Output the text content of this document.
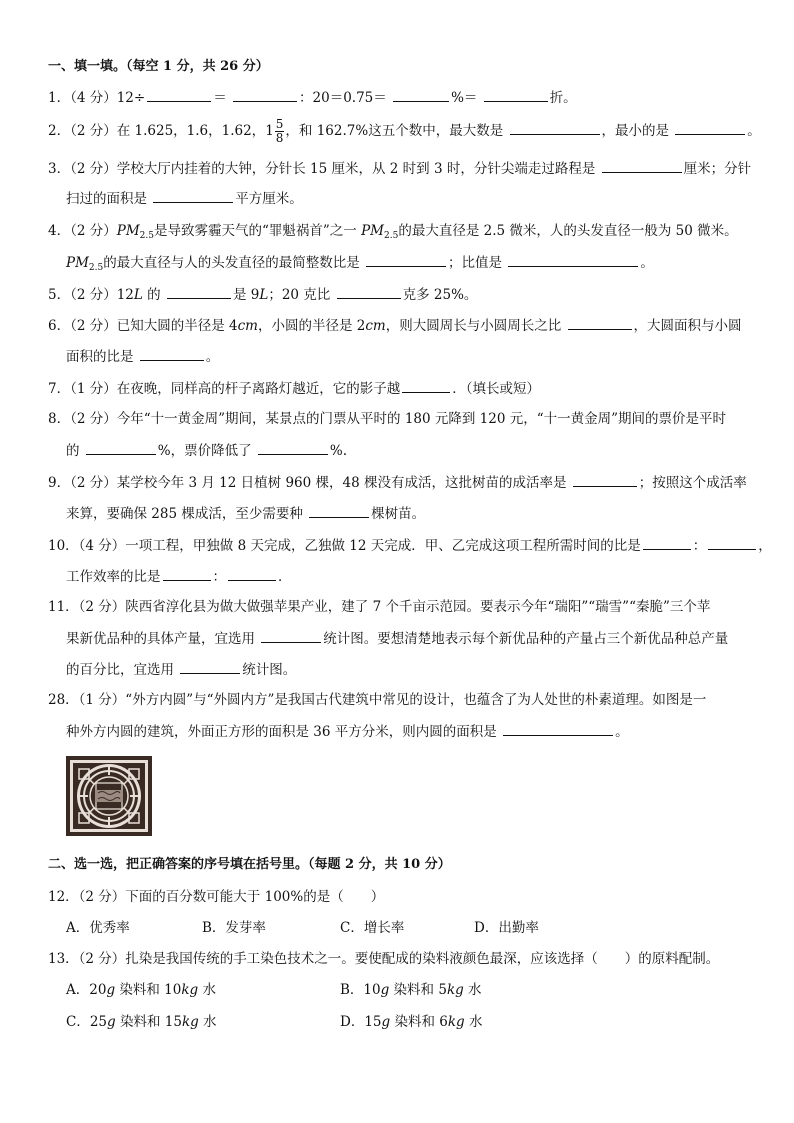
一、填一填。（每空 1 分，共 26 分）
1．（4 分）12÷	＝	：20＝0.75＝	%＝	折。
2．（2 分）在 1.625，1.6，1.62，$1 \frac{5}{8}$ ，和 162.7%这五个数中，最大数是	，最小的是	。
3．（2 分）学校大厅内挂着的大钟，分针长 15 厘米，从 2 时到 3 时，分针尖端走过路程是	厘米；分针
扫过的面积是	平方厘米。
4．（2 分）$PM_{2.5}$是导致雾霾天气的“罪魁祸首”之一 $PM_{2.5}$的最大直径是 2.5 微米，人的头发直径一般为 50 微米。
$PM_{2.5}$的最大直径与人的头发直径的最简整数比是	；比值是	。
5．（2 分）12L 的	是 9L；20 克比	克多 25%。
6．（2 分）已知大圆的半径是 4cm，小圆的半径是 2cm，则大圆周长与小圆周长之比	，大圆面积与小圆
面积的比是	。
7．（1 分）在夜晚，同样高的杆子离路灯越近，它的影子越	．（填长或短）
8．（2 分）今年“十一黄金周”期间，某景点的门票从平时的 180 元降到 120 元，“十一黄金周”期间的票价是平时
的	%，票价降低了	%.
9．（2 分）某学校今年 3 月 12 日植树 960 棵，48 棵没有成活，这批树苗的成活率是	；按照这个成活率
来算，要确保 285 棵成活，至少需要种	棵树苗。
10．（4 分）一项工程，甲独做 8 天完成，乙独做 12 天完成．甲、乙完成这项工程所需时间的比是	：	，
工作效率的比是	：	．
11．（2 分）陕西省淳化县为做大做强苹果产业，建了 7 个千亩示范园。要表示今年“瑞阳”“瑞雪”“秦脆”三个苹
果新优品种的具体产量，宜选用	统计图。要想清楚地表示每个新优品种的产量占三个新优品种总产量
的百分比，宜选用	统计图。
28．（1 分）“外方内圆”与“外圆内方”是我国古代建筑中常见的设计，也蕴含了为人处世的朴素道理。如图是一
种外方内圆的建筑，外面正方形的面积是 36 平方分米，则内圆的面积是	。
二、选一选，把正确答案的序号填在括号里。（每题 2 分，共 10 分）
12．（2 分）下面的百分数可能大于 100%的是（　　）
A．优秀率	B．发芽率	C．增长率	D．出勤率
13．（2 分）扎染是我国传统的手工染色技术之一。要使配成的染料液颜色最深，应该选择（　　）的原料配制。
A．20g 染料和 10kg 水	B．10g 染料和 5kg 水
C．25g 染料和 15kg 水	D．15g 染料和 6kg 水
